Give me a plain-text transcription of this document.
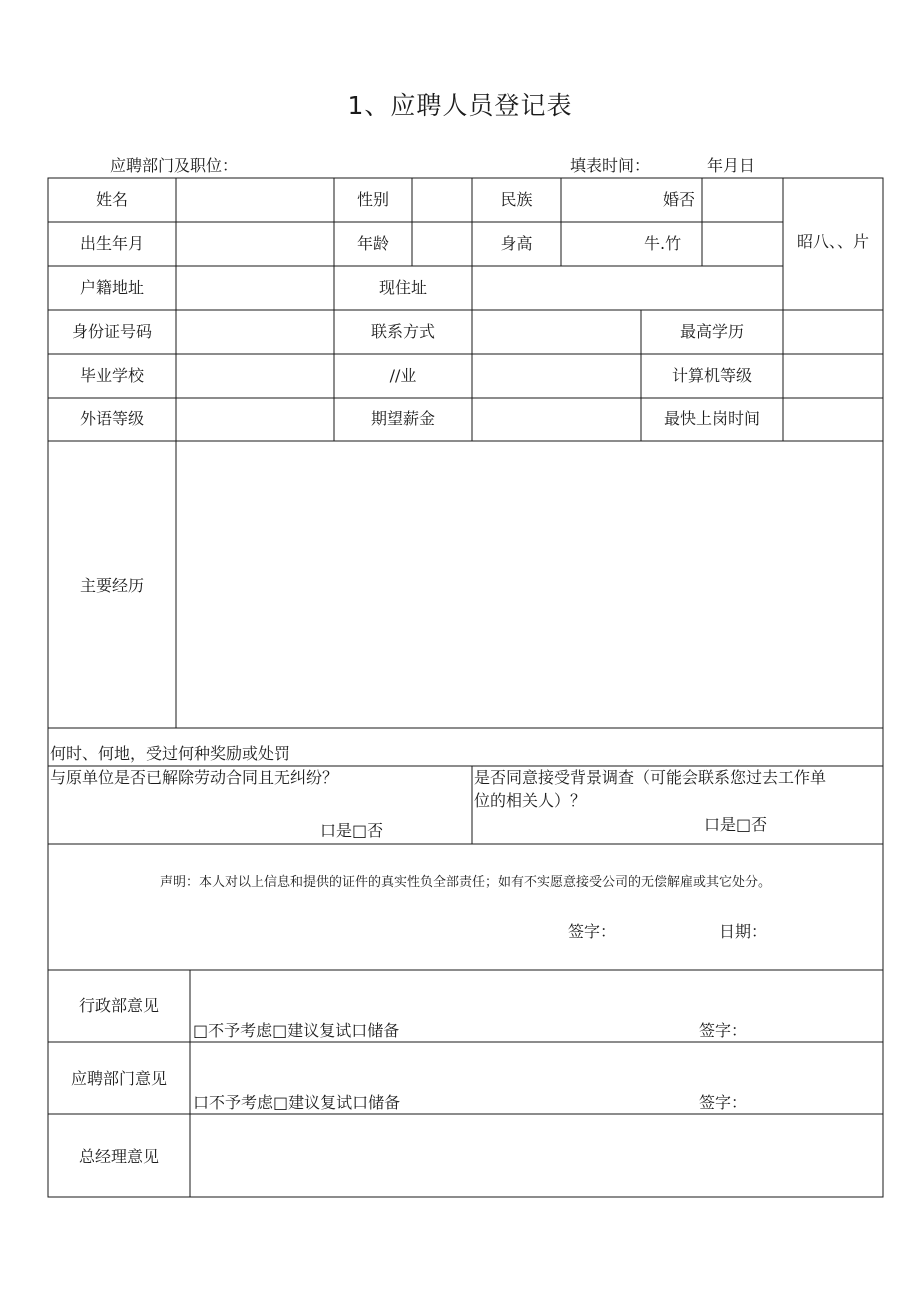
1、应聘人员登记表
应聘部门及职位：	填表时间：	年月日
姓名	性别	民族	婚否
昭八、、片
出生年月	年龄	身高	牛.竹
户籍地址	现住址
身份证号码	联系方式	最高学历
毕业学校	//业	计算机等级
外语等级	期望薪金	最快上岗时间
主要经历
何时、何地，受过何种奖励或处罚
与原单位是否已解除劳动合同且无纠纷？
口是□否
是否同意接受背景调查（可能会联系您过去工作单
位的相关人）？
口是□否
声明：本人对以上信息和提供的证件的真实性负全部责任；如有不实愿意接受公司的无偿解雇或其它处分。
签字：	日期：
行政部意见
□不予考虑□建议复试口储备	签字：
应聘部门意见
口不予考虑□建议复试口储备	签字：
总经理意见
